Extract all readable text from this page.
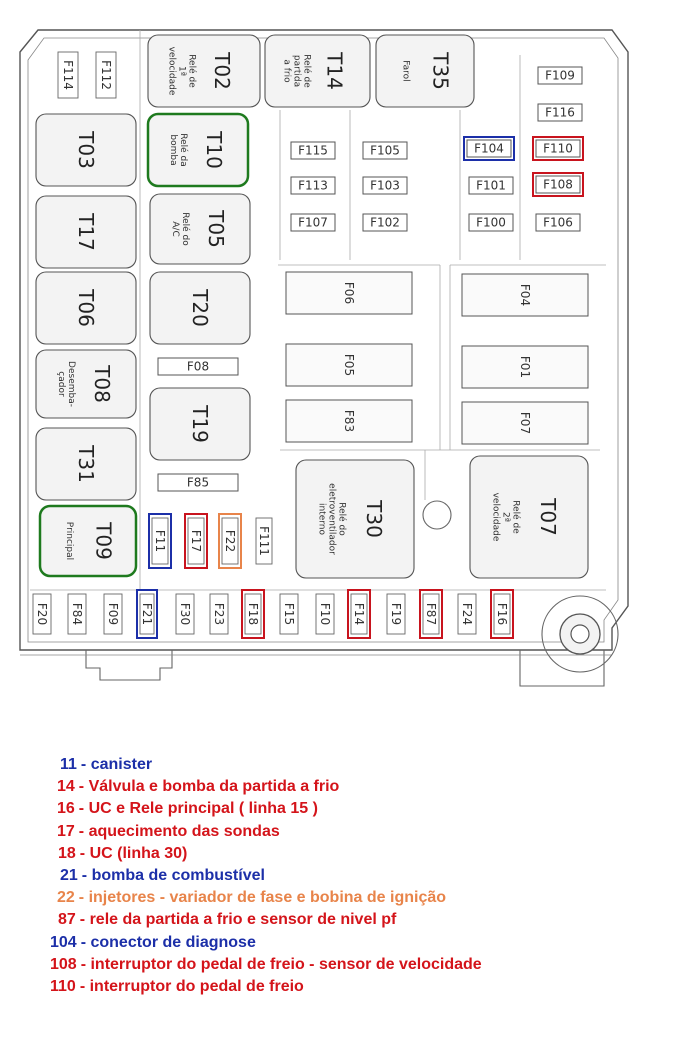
T02
Relé de
1ª
velocidade	T14
Relé de
partida
a frio	T35
Farol
T03	T10
Relé da
bomba
T17	T05
Relé do
A/C
T06	T20
T08
Desemba-
çador
T19
T31
T09
Principal
T30
Relé do
eletroventilador
interno	T07
Relé de
2ª
velocidade
F109
F116
F115	F105	F104	F110
F113	F103	F101	F108
F107	F102	F100	F106
F08
F85
F06	F04
F05	F01
F83	F07
F114 F112
F11 F17 F22 F111
F20 F84 F09 F21 F30 F23 F18 F15 F10 F14 F19 F87 F24 F16
11 - canister
14 - Válvula e bomba da partida a frio
16 - UC e Rele principal ( linha 15 )
17 - aquecimento das sondas
18 - UC (linha 30)
21 - bomba de combustível
22 - injetores - variador de fase e bobina de ignição
87 - rele da partida a frio e sensor de nivel pf
104 - conector de diagnose
108 - interruptor do pedal de freio - sensor de velocidade
110 - interruptor do pedal de freio
